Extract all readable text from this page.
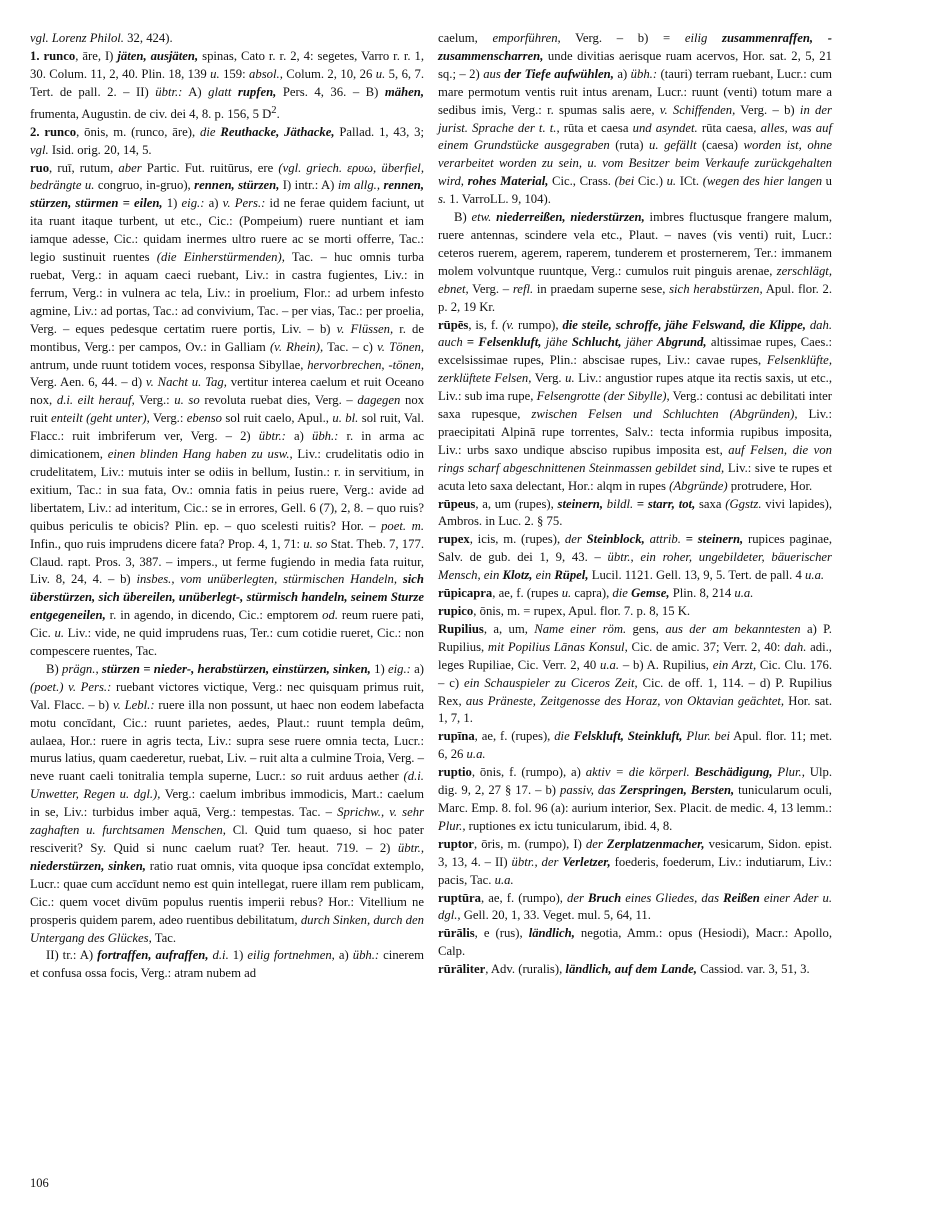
vgl. Lorenz Philol. 32, 424).

1. runco, āre, I) jäten, ausjäten, spinas, Cato r. r. 2, 4: segetes, Varro r. r. 1, 30. Colum. 11, 2, 40. Plin. 18, 139 u. 159: absol., Colum. 2, 10, 26 u. 5, 6, 7. Tert. de pall. 2. – II) übtr.: A) glatt rupfen, Pers. 4, 36. – B) mähen, frumenta, Augustin. de civ. dei 4, 8. p. 156, 5 $D^2$.

2. runco, ōnis, m. (runco, āre), die Reuthacke, Jäthacke, Pallad. 1, 43, 3; vgl. Isid. orig. 20, 14, 5.

ruo, ruī, rutum, aber Partic. Fut. ruitūrus, ere (vgl. griech. ερυω, überfiel, bedrängte u. congruo, in-gruo), rennen, stürzen, I) intr.: A) im allg., rennen, stürzen, stürmen = eilen, 1) eig.: a) v. Pers.: id ne ferae quidem faciunt, ut ita ruant itaque turbent, ut etc., Cic.: (Pompeium) ruere nuntiant et iam iamque adesse, Cic.: quidam inermes ultro ruere ac se morti offerre, Tac.: legio sustinuit ruentes (die Einherstürmenden), Tac. – huc omnis turba ruebat, Verg.: in aquam caeci ruebant, Liv.: in castra fugientes, Liv.: in ferrum, Verg.: in vulnera ac tela, Liv.: in proelium, Flor.: ad urbem infesto agmine, Liv.: ad portas, Tac.: ad convivium, Tac. – per vias, Tac.: per proelia, Verg. – eques pedesque certatim ruere portis, Liv. – b) v. Flüssen, r. de montibus, Verg.: per campos, Ov.: in Galliam (v. Rhein), Tac. – c) v. Tönen, antrum, unde ruunt totidem voces, responsa Sibyllae, hervorbrechen, -tönen, Verg. Aen. 6, 44. – d) v. Nacht u. Tag, vertitur interea caelum et ruit Oceano nox, d.i. eilt herauf, Verg.: u. so revoluta ruebat dies, Verg. – dagegen nox ruit enteilt (geht unter), Verg.: ebenso sol ruit caelo, Apul., u. bl. sol ruit, Val. Flacc.: ruit imbriferum ver, Verg. – 2) übtr.: a) übh.: r. in arma ac dimicationem, einen blinden Hang haben zu usw., Liv.: crudelitatis odio in crudelitatem, Liv.: mutuis inter se odiis in bellum, Iustin.: r. in servitium, in exitium, Tac.: in sua fata, Ov.: omnia fatis in peius ruere, Verg.: avide ad libertatem, Liv.: ad interitum, Cic.: se in errores, Gell. 6 (7), 2, 8. – quo ruis? quibus periculis te obicis? Plin. ep. – quo scelesti ruitis? Hor. – poet. m. Infin., quo ruis imprudens dicere fata? Prop. 4, 1, 71: u. so Stat. Theb. 7, 177. Claud. rapt. Pros. 3, 387. – impers., ut ferme fugiendo in media fata ruitur, Liv. 8, 24, 4. – b) insbes., vom unüberlegten, stürmischen Handeln, sich überstürzen, sich übereilen, unüberlegt-, stürmisch handeln, seinem Sturze entgegeneilen, r. in agendo, in dicendo, Cic.: emptorem od. reum ruere pati, Cic. u. Liv.: vide, ne quid imprudens ruas, Ter.: cum cotidie rueret, Cic.: non compescere ruentes, Tac.

B) prägn., stürzen = nieder-, herabstürzen, einstürzen, sinken, 1) eig.: a) (poet.) v. Pers.: ruebant victores victique, Verg.: nec quisquam primus ruit, Val. Flacc. – b) v. Lebl.: ruere illa non possunt, ut haec non eodem labefacta motu concīdant, Cic.: ruunt parietes, aedes, Plaut.: ruunt templa deûm, aulaea, Hor.: ruere in agris tecta, Liv.: supra sese ruere omnia tecta, Lucr.: murus latius, quam caederetur, ruebat, Liv. – ruit alta a culmine Troia, Verg. – neve ruant caeli tonitralia templa superne, Lucr.: so ruit arduus aether (d.i. Unwetter, Regen u. dgl.), Verg.: caelum imbribus immodicis, Mart.: caelum in se, Liv.: turbidus imber aquā, Verg.: tempestas. Tac. – Sprichw., v. sehr zaghaften u. furchtsamen Menschen, Cl. Quid tum quaeso, si hoc pater resciverit? Sy. Quid si nunc caelum ruat? Ter. heaut. 719. – 2) übtr., niederstürzen, sinken, ratio ruat omnis, vita quoque ipsa concīdat extemplo, Lucr.: quae cum accīdunt nemo est quin intellegat, ruere illam rem publicam, Cic.: quem vocet divūm populus ruentis imperii rebus? Hor.: Vitellium ne prosperis quidem parem, adeo ruentibus debilitatum, durch Sinken, durch den Untergang des Glückes, Tac.

II) tr.: A) fortraffen, aufraffen, d.i. 1) eilig fortnehmen, a) übh.: cinerem et confusa ossa focis, Verg.: atram nubem ad

caelum, emporführen, Verg. – b) = eilig zusammenraffen, -zusammenscharren, unde divitias aerisque ruam acervos, Hor. sat. 2, 5, 21 sq.; – 2) aus der Tiefe aufwühlen, a) übh.: (tauri) terram ruebant, Lucr.: cum mare permotum ventis ruit intus arenam, Lucr.: ruunt (venti) totum mare a sedibus imis, Verg.: r. spumas salis aere, v. Schiffenden, Verg. – b) in der jurist. Sprache der t. t., rūta et caesa und asyndet. rūta caesa, alles, was auf einem Grundstücke ausgegraben (ruta) u. gefällt (caesa) worden ist, ohne verarbeitet worden zu sein, u. vom Besitzer beim Verkaufe zurückgehalten wird, rohes Material, Cic., Crass. (bei Cic.) u. ICt. (wegen des hier langen u s. 1. VarroLL. 9, 104).

B) etw. niederreißen, niederstürzen, imbres fluctusque frangere malum, ruere antennas, scindere vela etc., Plaut. – naves (vis venti) ruit, Lucr.: ceteros ruerem, agerem, raperem, tunderem et prosternerem, Ter.: immanem molem volvuntque ruuntque, Verg.: cumulos ruit pinguis arenae, zerschlägt, ebnet, Verg. – refl. in praedam superne sese, sich herabstürzen, Apul. flor. 2. p. 2, 19 Kr.

rūpēs, is, f. (v. rumpo), die steile, schroffe, jähe Felswand, die Klippe, dah. auch = Felsenkluft, jähe Schlucht, jäher Abgrund, altissimae rupes, Caes.: excelsissimae rupes, Plin.: abscisae rupes, Liv.: cavae rupes, Felsenklüfte, zerklüftete Felsen, Verg. u. Liv.: angustior rupes atque ita rectis saxis, ut etc., Liv.: sub ima rupe, Felsengrotte (der Sibylle), Verg.: contusi ac debilitati inter saxa rupesque, zwischen Felsen und Schluchten (Abgründen), Liv.: praecipitati Alpinā rupe torrentes, Salv.: tecta informia rupibus imposita, Liv.: urbs saxo undique absciso rupibus imposita est, auf Felsen, die von rings scharf abgeschnittenen Steinmassen gebildet sind, Liv.: sive te rupes et acuta leto saxa delectant, Hor.: alqm in rupes (Abgründe) protrudere, Hor.

rūpeus, a, um (rupes), steinern, bildl. = starr, tot, saxa (Ggstz. vivi lapides), Ambros. in Luc. 2. § 75.

rupex, icis, m. (rupes), der Steinblock, attrib. = steinern, rupices paginae, Salv. de gub. dei 1, 9, 43. – übtr., ein roher, ungebildeter, bäuerischer Mensch, ein Klotz, ein Rüpel, Lucil. 1121. Gell. 13, 9, 5. Tert. de pall. 4 u.a.

rūpicapra, ae, f. (rupes u. capra), die Gemse, Plin. 8, 214 u.a.

rupico, ōnis, m. = rupex, Apul. flor. 7. p. 8, 15 K.

Rupilius, a, um, Name einer röm. gens, aus der am bekanntesten a) P. Rupilius, mit Popilius Lānas Konsul, Cic. de amic. 37; Verr. 2, 40: dah. adi., leges Rupiliae, Cic. Verr. 2, 40 u.a. – b) A. Rupilius, ein Arzt, Cic. Clu. 176. – c) ein Schauspieler zu Ciceros Zeit, Cic. de off. 1, 114. – d) P. Rupilius Rex, aus Präneste, Zeitgenosse des Horaz, von Oktavian geächtet, Hor. sat. 1, 7, 1.

rupīna, ae, f. (rupes), die Felskluft, Steinkluft, Plur. bei Apul. flor. 11; met. 6, 26 u.a.

ruptio, ōnis, f. (rumpo), a) aktiv = die körperl. Beschädigung, Plur., Ulp. dig. 9, 2, 27 § 17. – b) passiv, das Zerspringen, Bersten, tunicularum oculi, Marc. Emp. 8. fol. 96 (a): aurium interior, Sex. Placit. de medic. 4, 13 lemm.: Plur., ruptiones ex ictu tunicularum, ibid. 4, 8.

ruptor, ōris, m. (rumpo), I) der Zerplatzenmacher, vesicarum, Sidon. epist. 3, 13, 4. – II) übtr., der Verletzer, foederis, foederum, Liv.: indutiarum, Liv.: pacis, Tac. u.a.

ruptūra, ae, f. (rumpo), der Bruch eines Gliedes, das Reißen einer Ader u. dgl., Gell. 20, 1, 33. Veget. mul. 5, 64, 11.

rūrālis, e (rus), ländlich, negotia, Amm.: opus (Hesiodi), Macr.: Apollo, Calp.

rūrāliter, Adv. (ruralis), ländlich, auf dem Lande, Cassiod. var. 3, 51, 3.

106
